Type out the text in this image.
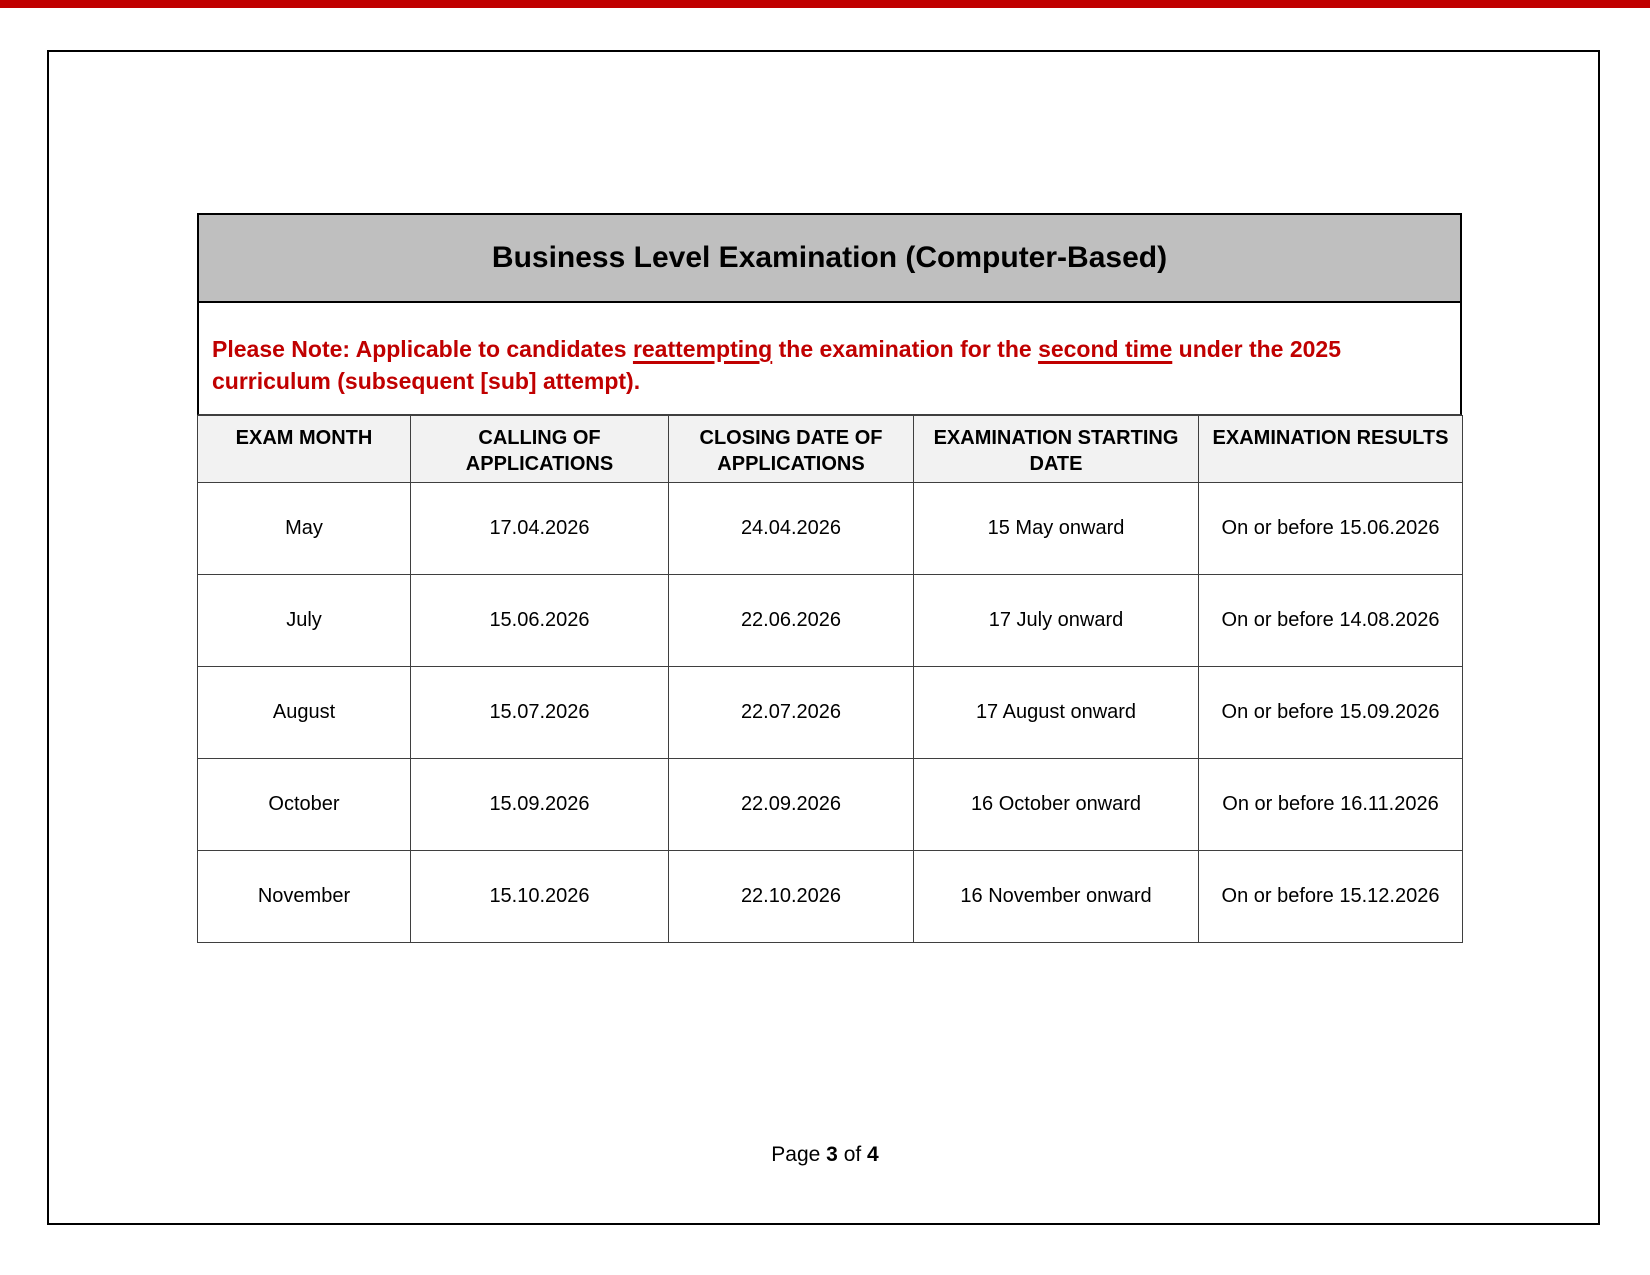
Business Level Examination (Computer-Based)
Please Note: Applicable to candidates reattempting the examination for the second time under the 2025
curriculum (subsequent [sub] attempt).
EXAM MONTH	CALLING OF APPLICATIONS	CLOSING DATE OF APPLICATIONS	EXAMINATION STARTING DATE	EXAMINATION RESULTS
May	17.04.2026	24.04.2026	15 May onward	On or before 15.06.2026
July	15.06.2026	22.06.2026	17 July onward	On or before 14.08.2026
August	15.07.2026	22.07.2026	17 August onward	On or before 15.09.2026
October	15.09.2026	22.09.2026	16 October onward	On or before 16.11.2026
November	15.10.2026	22.10.2026	16 November onward	On or before 15.12.2026
Page 3 of 4
